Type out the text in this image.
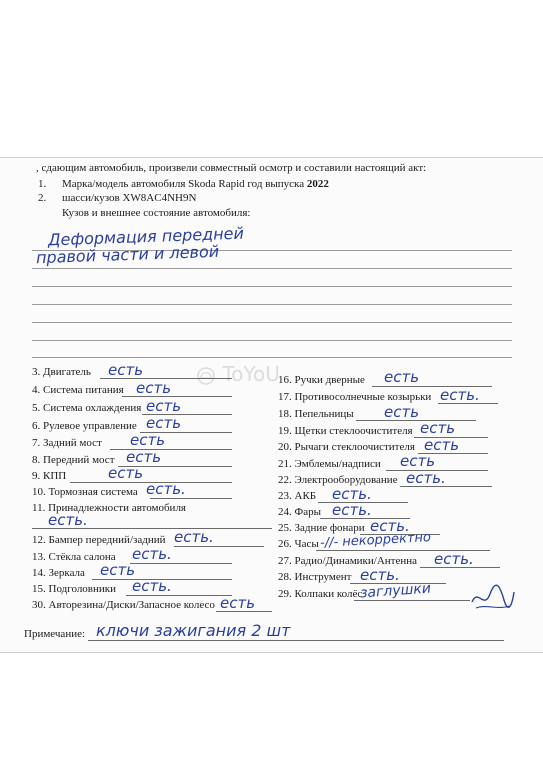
, сдающим автомобиль, произвели совместный осмотр и составили настоящий акт:
1. Марка/модель автомобиля Skoda Rapid год выпуска 2022
2. шасси/кузов XW8AC4NH9N
Кузов и внешнее состояние автомобиля:
Деформация передней
правой части и левой
3. Двигатель
4. Система питания
5. Система охлаждения
6. Рулевое управление
7. Задний мост
8. Передний мост
9. КПП
10. Тормозная система
11. Принадлежности автомобиля
12. Бампер передний/задний
13. Стёкла салона
14. Зеркала
15. Подголовники
30. Авторезина/Диски/Запасное колесо
есть
есть
есть
есть
есть
есть
есть
есть.
есть.
есть.
есть.
есть
есть.
есть
16. Ручки дверные
17. Противосолнечные козырьки
18. Пепельницы
19. Щетки стеклоочистителя
20. Рычаги стеклоочистителя
21. Эмблемы/надписи
22. Электрооборудование
23. АКБ
24. Фары
25. Задние фонари
26. Часы
27. Радио/Динамики/Антенна
28. Инструмент
29. Колпаки колёс
есть
есть.
есть
есть
есть
есть
есть.
есть.
есть.
есть.
-//- некорректно
есть.
есть.
заглушки
ToYoU
Примечание: ключи зажигания 2 шт
